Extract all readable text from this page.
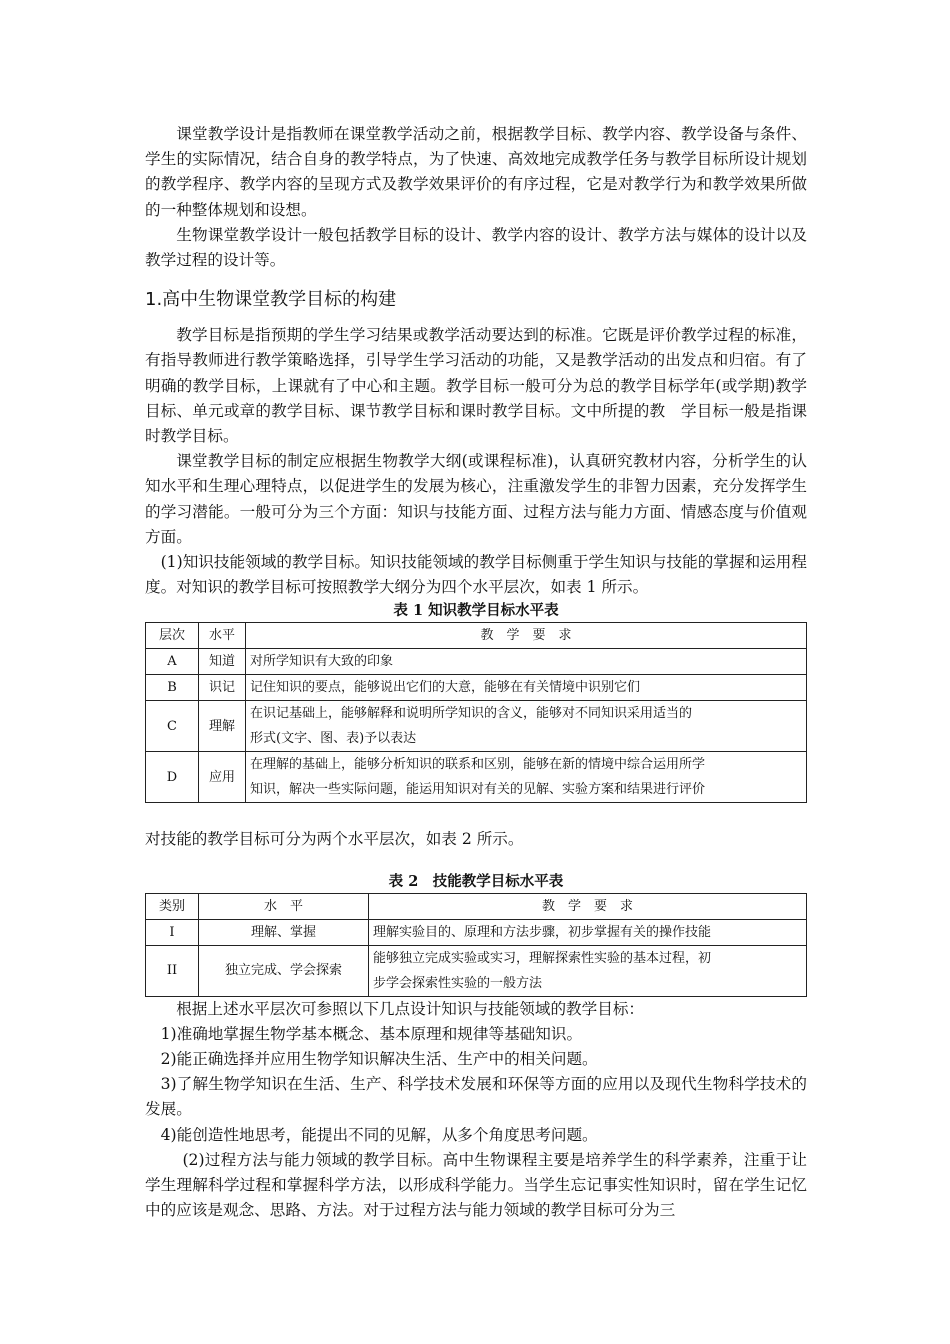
课堂教学设计是指教师在课堂教学活动之前，根据教学目标、教学内容、教学设备与条件、学生的实际情况，结合自身的教学特点，为了快速、高效地完成教学任务与教学目标所设计规划的教学程序、教学内容的呈现方式及教学效果评价的有序过程，它是对教学行为和教学效果所做的一种整体规划和设想。

生物课堂教学设计一般包括教学目标的设计、教学内容的设计、教学方法与媒体的设计以及教学过程的设计等。

1.高中生物课堂教学目标的构建

教学目标是指预期的学生学习结果或教学活动要达到的标准。它既是评价教学过程的标准，有指导教师进行教学策略选择，引导学生学习活动的功能，又是教学活动的出发点和归宿。有了明确的教学目标，上课就有了中心和主题。教学目标一般可分为总的教学目标学年(或学期)教学目标、单元或章的教学目标、课节教学目标和课时教学目标。文中所提的教　学目标一般是指课时教学目标。

课堂教学目标的制定应根据生物教学大纲(或课程标准)，认真研究教材内容，分析学生的认知水平和生理心理特点，以促进学生的发展为核心，注重激发学生的非智力因素，充分发挥学生的学习潜能。一般可分为三个方面：知识与技能方面、过程方法与能力方面、情感态度与价值观方面。

(1)知识技能领域的教学目标。知识技能领域的教学目标侧重于学生知识与技能的掌握和运用程度。对知识的教学目标可按照教学大纲分为四个水平层次，如表 1 所示。

表 1 知识教学目标水平表

层次	水平	教　学　要　求
A	知道	对所学知识有大致的印象
B	识记	记住知识的要点，能够说出它们的大意，能够在有关情境中识别它们
C	理解	在识记基础上，能够解释和说明所学知识的含义，能够对不同知识采用适当的
形式(文字、图、表)予以表达

D	应用	在理解的基础上，能够分析知识的联系和区别，能够在新的情境中综合运用所学
知识，解决一些实际问题，能运用知识对有关的见解、实验方案和结果进行评价

对技能的教学目标可分为两个水平层次，如表 2 所示。

表 2　技能教学目标水平表

类别	水　平	教　学　要　求
I	理解、掌握	理解实验目的、原理和方法步骤，初步掌握有关的操作技能
II	独立完成、学会探索	能够独立完成实验或实习，理解探索性实验的基本过程，初
步学会探索性实验的一般方法

根据上述水平层次可参照以下几点设计知识与技能领域的教学目标：

1)准确地掌握生物学基本概念、基本原理和规律等基础知识。

2)能正确选择并应用生物学知识解决生活、生产中的相关问题。

3)了解生物学知识在生活、生产、科学技术发展和环保等方面的应用以及现代生物科学技术的发展。

4)能创造性地思考，能提出不同的见解，从多个角度思考问题。

(2)过程方法与能力领域的教学目标。高中生物课程主要是培养学生的科学素养，注重于让学生理解科学过程和掌握科学方法，以形成科学能力。当学生忘记事实性知识时，留在学生记忆中的应该是观念、思路、方法。对于过程方法与能力领域的教学目标可分为三
